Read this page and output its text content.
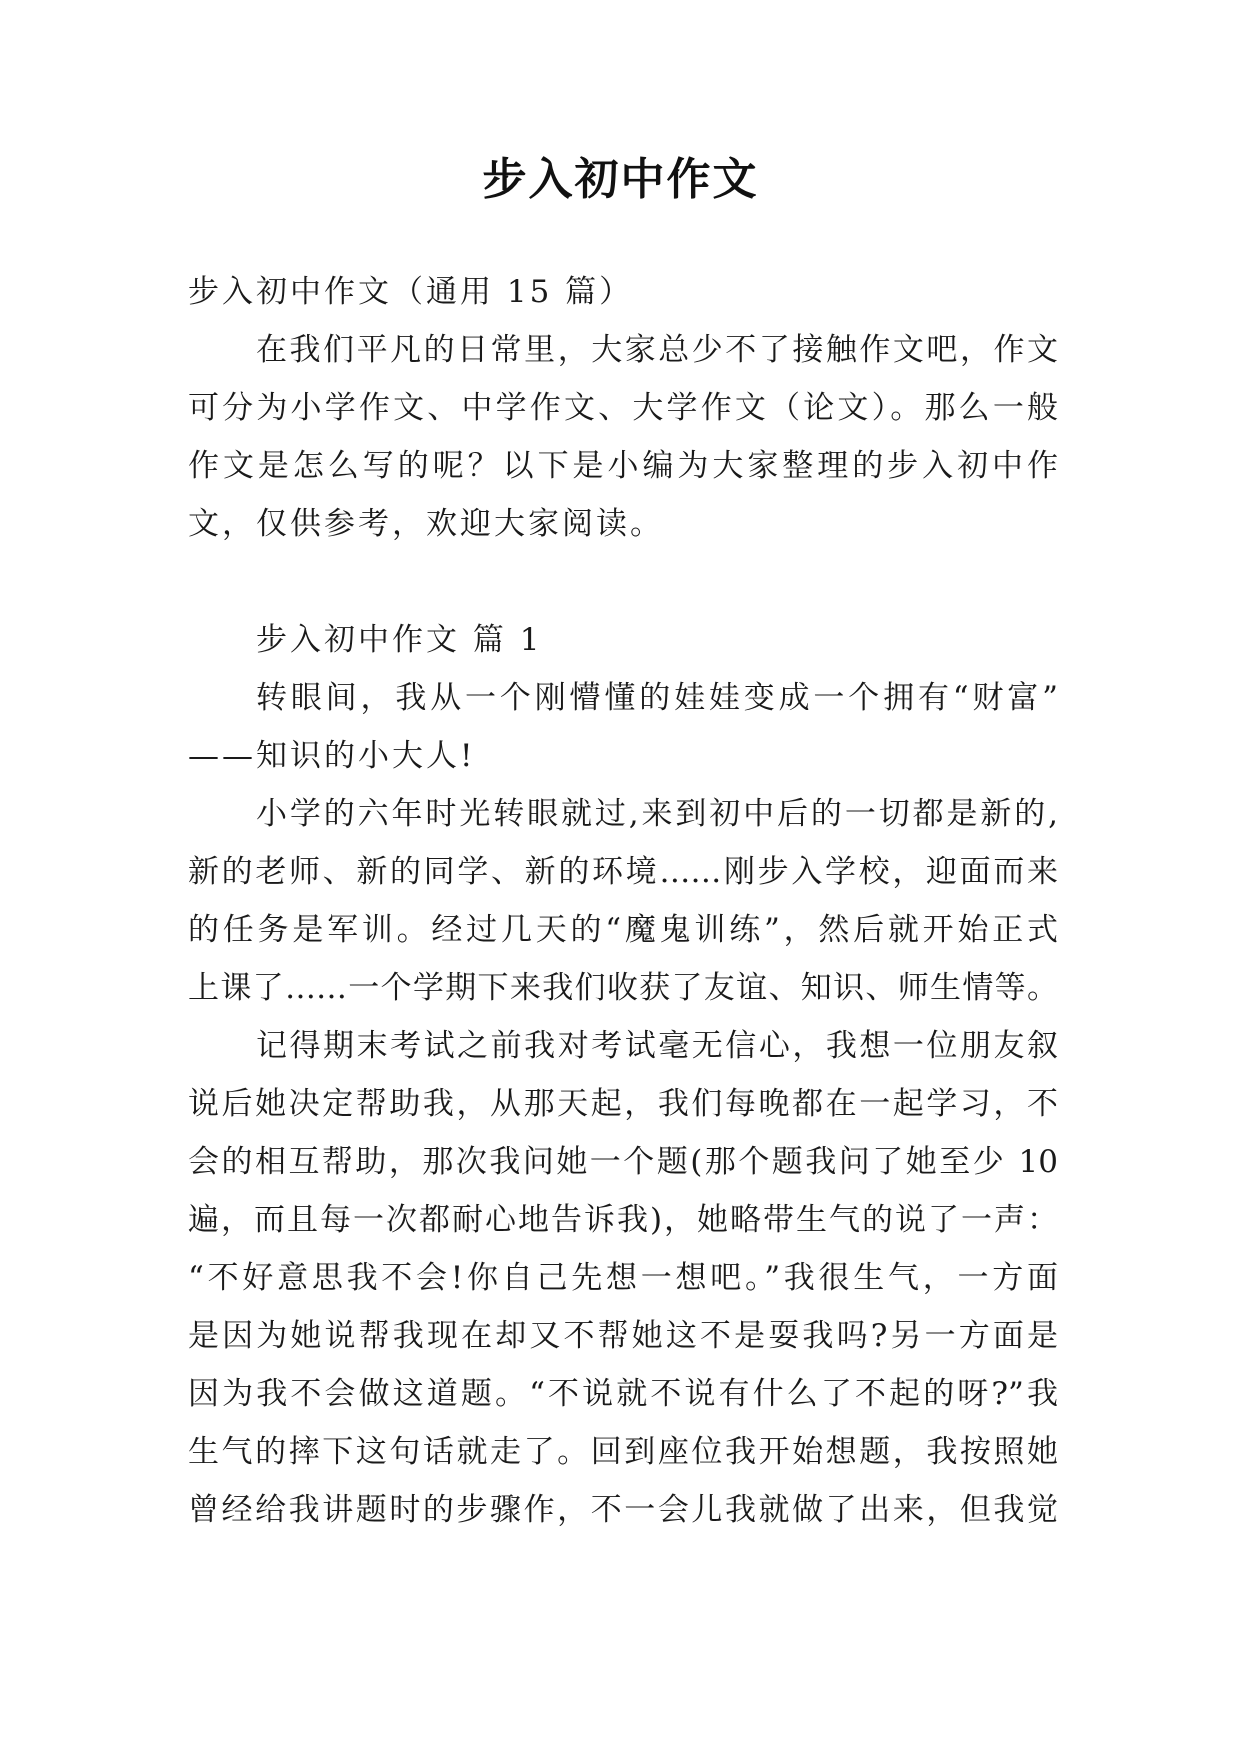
步入初中作文
步入初中作文（通用 15 篇）
在我们平凡的日常里，大家总少不了接触作文吧，作文
可分为小学作文、中学作文、大学作文（论文）。那么一般
作文是怎么写的呢？以下是小编为大家整理的步入初中作
文，仅供参考，欢迎大家阅读。
步入初中作文 篇 1
转眼间，我从一个刚懵懂的娃娃变成一个拥有“财富”
——知识的小大人!
小学的六年时光转眼就过,来到初中后的一切都是新的,
新的老师、新的同学、新的环境……刚步入学校，迎面而来
的任务是军训。经过几天的“魔鬼训练”，然后就开始正式
上课了……一个学期下来我们收获了友谊、知识、师生情等。
记得期末考试之前我对考试毫无信心，我想一位朋友叙
说后她决定帮助我，从那天起，我们每晚都在一起学习，不
会的相互帮助，那次我问她一个题(那个题我问了她至少 10
遍，而且每一次都耐心地告诉我)，她略带生气的说了一声：
“不好意思我不会!你自己先想一想吧。”我很生气，一方面
是因为她说帮我现在却又不帮她这不是耍我吗?另一方面是
因为我不会做这道题。“不说就不说有什么了不起的呀?”我
生气的摔下这句话就走了。回到座位我开始想题，我按照她
曾经给我讲题时的步骤作，不一会儿我就做了出来，但我觉
